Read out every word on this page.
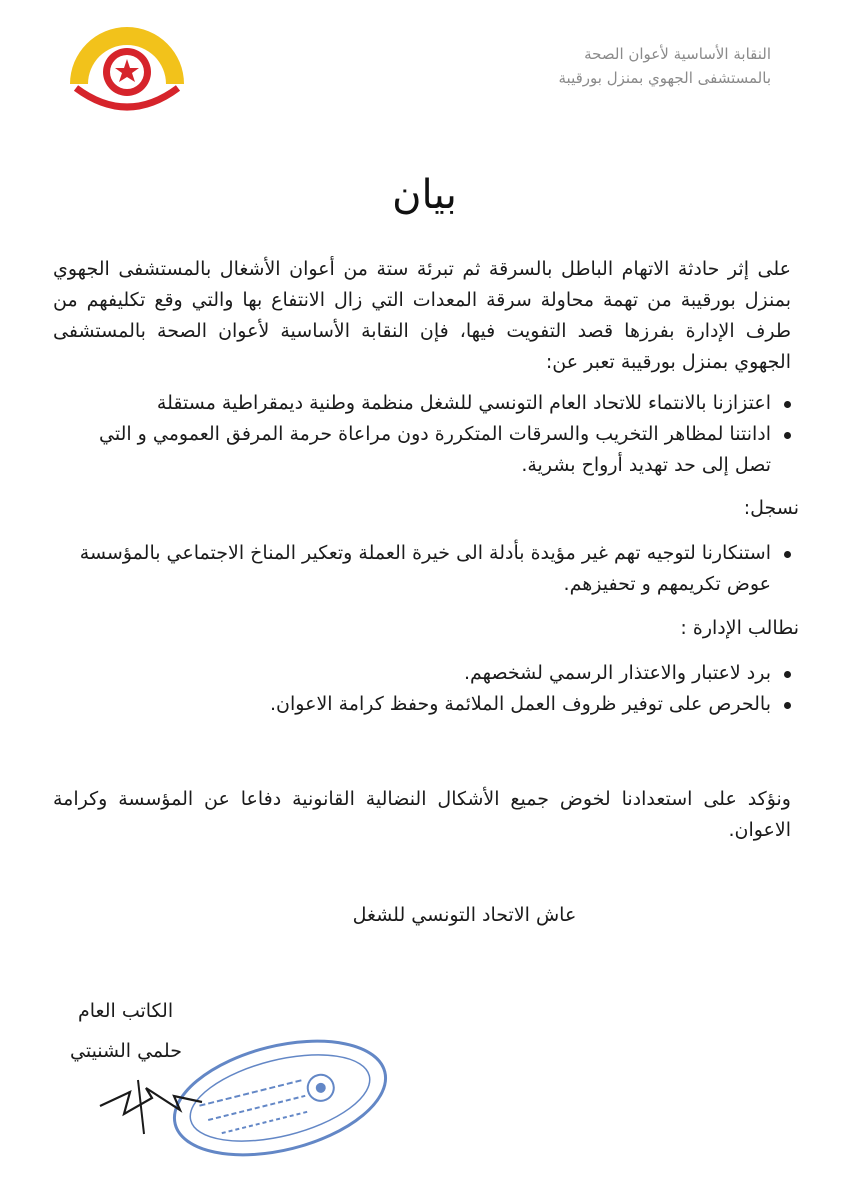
النقابة الأساسية لأعوان الصحة
بالمستشفى الجهوي بمنزل بورقيبة
بيان
على إثر حادثة الاتهام الباطل بالسرقة ثم تبرئة ستة من أعوان الأشغال بالمستشفى الجهوي بمنزل بورقيبة من تهمة محاولة سرقة المعدات التي زال الانتفاع بها والتي وقع تكليفهم من طرف الإدارة بفرزها قصد التفويت فيها، فإن النقابة الأساسية لأعوان الصحة بالمستشفى الجهوي بمنزل بورقيبة تعبر عن:
اعتزازنا بالانتماء للاتحاد العام التونسي للشغل منظمة وطنية ديمقراطية مستقلة
ادانتنا لمظاهر التخريب والسرقات المتكررة دون مراعاة حرمة المرفق العمومي و التي تصل إلى حد تهديد أرواح بشرية.
نسجل:
استنكارنا لتوجيه تهم غير مؤيدة بأدلة الى خيرة العملة وتعكير المناخ الاجتماعي بالمؤسسة عوض تكريمهم و تحفيزهم.
نطالب الإدارة :
برد لاعتبار والاعتذار الرسمي لشخصهم.
بالحرص على توفير ظروف العمل الملائمة وحفظ كرامة الاعوان.
ونؤكد على استعدادنا لخوض جميع الأشكال النضالية القانونية دفاعا عن المؤسسة وكرامة الاعوان.
عاش الاتحاد التونسي للشغل
الكاتب العام
حلمي الشنيتي
